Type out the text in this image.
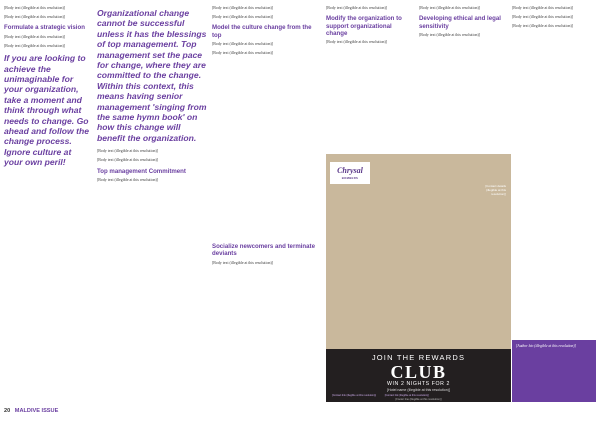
[Body text (illegible at this resolution)]

[Body text (illegible at this resolution)]

Formulate a strategic vision

[Body text (illegible at this resolution)]

[Body text (illegible at this resolution)]

If you are looking to achieve the unimaginable for your organization, take a moment and think through what needs to change. Go ahead and follow the change process. Ignore culture at your own peril!
Organizational change cannot be successful unless it has the blessings of top management. Top management set the pace for change, where they are committed to the change. Within this context, this means having senior management 'singing from the same hymn book' on how this change will benefit the organization.

[Body text (illegible at this resolution)]

[Body text (illegible at this resolution)]

Top management Commitment

[Body text (illegible at this resolution)]

[Body text (illegible at this resolution)]

[Body text (illegible at this resolution)]

Model the culture change from the top

[Body text (illegible at this resolution)]

[Body text (illegible at this resolution)]

[Body text (illegible at this resolution)]

Modify the organization to support organizational change

[Body text (illegible at this resolution)]

[Body text (illegible at this resolution)]

Developing ethical and legal sensitivity

[Body text (illegible at this resolution)]

[Body text (illegible at this resolution)]

[Body text (illegible at this resolution)]

[Body text (illegible at this resolution)]

Socialize newcomers and terminate deviants

[Body text (illegible at this resolution)]

Chrysal
BOMBERS
[Contact details (illegible at this resolution)]
JOIN THE REWARDS
CLUB
WIN 2 NIGHTS FOR 2
[Hotel name (illegible at this resolution)]
[Contact link (illegible at this resolution)]	[Contact link (illegible at this resolution)]
[Footer line (illegible at this resolution)]

[Author bio (illegible at this resolution)]

20 MALDIVE ISSUE
